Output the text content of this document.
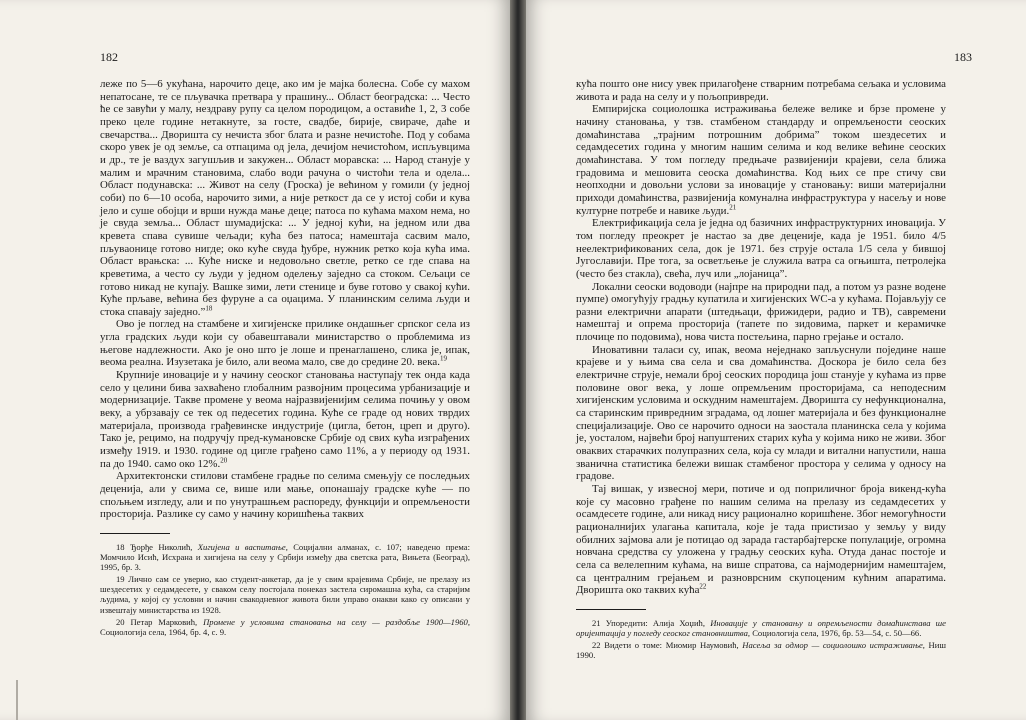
182

леже по 5—6 укућана, нарочито деце, ако им је мајка болесна. Собе су махом непатосане, те се пљувачка претвара у прашину... Област београдска: ... Често ће се завући у малу, нездраву рупу са целом породицом, а оставиће 1, 2, 3 собе преко целе године нетакнуте, за госте, свадбе, бирије, свираче, даће и свечарства... Дворишта су нечиста због блата и разне нечистоће. Под у собама скоро увек је од земље, са отпацима од јела, дечијом нечистоћом, испљувцима и др., те је ваздух загушљив и закужен... Област моравска: ... Народ станује у малим и мрачним становима, слабо води рачуна о чистоћи тела и одела... Област подунавска: ... Живот на селу (Грocка) је већином у гомили (у једној соби) по 6—10 особа, нарочито зими, а није реткост да се у истој соби и кува јело и суше обојци и врши нужда мање деце; патоса по кућама махом нема, но је свуда земља... Област шумадијска: ... У једној кући, на једном или два кревета спава сувише чељади; кућа без патоса; намештаја сасвим мало, пљувaоницe готово нигде; око куће свуда ђубре, нужник ретко која кућа има. Област врањска: ... Куће ниске и недовољно светле, ретко се где спава на креветима, а често су људи у једном оделењу заједно са стоком. Сељаци се готово никад не купају. Вашке зими, лети стенице и буве готово у свакој кући. Куће прљаве, већина без фуруне а са оџацима. У планинским селима људи и стока спавају заједно.”$^{18}$

Ово је поглед на стамбене и хигијенске прилике ондашњег српског села из угла градских људи који су обавештавали министарство о проблемима из његове надлежности. Ако је оно што је лоше и пренаглашено, слика је, ипак, веома реална. Изузетака је било, али веома мало, све до средине 20. века.$^{19}$

Крупније иновације и у начину сеоског становања наступају тек онда када село у целини бива захваћено глобалним развојним процесима урбанизације и модернизације. Такве промене у веома најразвијенијим селима почињу у овом веку, а убрзавају се тек од педесетих година. Куће се граде од нових тврдих материјала, производа грађевинске индустрије (цигла, бетон, цреп и друго). Тако је, рецимо, на подручју пред-кумановске Србије од свих кућа изграђених између 1919. и 1930. године од цигле грађено само 11%, а у периоду од 1931. па до 1940. само око 12%.$^{20}$

Архитектонски стилови стамбене градње по селима смењују се последњих деценија, али у свима се, више или мање, опонашају градске куће — по спољњем изгледу, али и по унутрашњем распореду, функцији и опремљености просторија. Разлике су само у начину коришћења таквих

18 Ђорђе Николић, Хигијена и васпитање, Социјални алманах, с. 107; наведено према: Момчило Исић, Исхрана и хигијена на селу у Србији између два светска рата, Вињета (Београд), 1995, бр. 3.

19 Лично сам се уверио, као студент-анкетар, да је у свим крајевима Србије, не прелазу из шездесетих у седамдесете, у сваком селу постојала понеказ застела сиромашна кућа, са старијим људима, у којој су условни и начин свакодневног живота били управо онакви како су описани у извештају министарства из 1928.

20 Петар Марковић, Промене у условима становања на селу — раздобље 1900—1960, Социологија села, 1964, бр. 4, с. 9.

183

кућа пошто оне нису увек прилагођене стварним потребама сељака и условима живота и рада на селу и у пољопривреди.

Емпиријска социолошка истраживања бележе велике и брзе промене у начину становања, у тзв. стамбеном стандарду и опремљености сеоских домаћинстава „трајним потрошним добрима” током шездесетих и седамдесетих година у многим нашим селима и код велике већине сеоских домаћинстава. У том погледу предњаче развијенији крајеви, села ближа градовима и мешовита сеоска домаћинства. Код њих се пре стичу сви неопходни и довољни услови за иновације у становању: виши материјални приходи домаћинства, развијенија комунална инфраструктура у насељу и нове културне потребе и навике људи.$^{21}$

Електрификација села је једна од базичних инфраструктурних иновација. У том погледу преокрет је настао за две деценије, када је 1951. било 4/5 неелектрификованих села, док је 1971. без струје остала 1/5 села у бившој Југославији. Пре тога, за осветљење је служила ватра са огњишта, петролејка (често без стакла), свећа, луч или „лојаница”.

Локални сеоски водоводи (најпре на природни пад, а потом уз разне водене пумпе) омогућују градњу купатила и хигијенских WC-а у кућама. Појављују се разни електрични апарати (штедњаци, фрижидери, радио и ТВ), савремени намештај и опрема просторија (тапете по зидовима, паркет и керамичке плочице по подовима), нова чиста постељина, парно грејање и остало.

Иновативни таласи су, ипак, веома неједнако запљуснули поједине наше крајеве и у њима сва села и сва домаћинства. Доскора је било села без електричне струје, немали број сеоских породица још станује у кућама из прве половине овог века, у лоше опремљеним просторијама, са неподесним хигијенским условима и оскудним намештајем. Дворишта су нефункционална, са старинским привредним зградама, од лошег материјала и без функционалне специјализације. Ово се нарочито односи на заостала планинска села у којима је, уосталом, највећи број напуштених старих кућа у којима нико не живи. Због оваквих старачких полупразних села, која су млади и витални напустили, наша званична статистика бележи вишак стамбеног простора у селима у односу на градове.

Тај вишак, у извесној мери, потиче и од поприличног броја викенд-кућа које су масовно грађене по нашим селима на прелазу из седамдесетих у осамдесете године, али никад нису рационално коришћене. Због немогућности рационалнијих улагања капитала, које је тада пристизао у земљу у виду обилних зајмова али је потицао од зарада гастарбајтерске популације, огромна новчана средства су уложена у градњу сеоских кућа. Отуда данас постоје и села са велелепним кућама, на више спратова, са најмодернијим намештајем, са централним грејањем и разноврсним скупоценим кућним апаратима. Дворишта око таквих кућа$^{22}$

21 Упоредити: Алија Хоџић, Иновације у становању и опремљености домаћинстава ше оријентација у погледу сеоског становништва, Социологија села, 1976, бр. 53—54, с. 50—66.

22 Видети о томе: Миомир Наумовић, Насеља за одмор — социолошко истраживање, Ниш 1990.
